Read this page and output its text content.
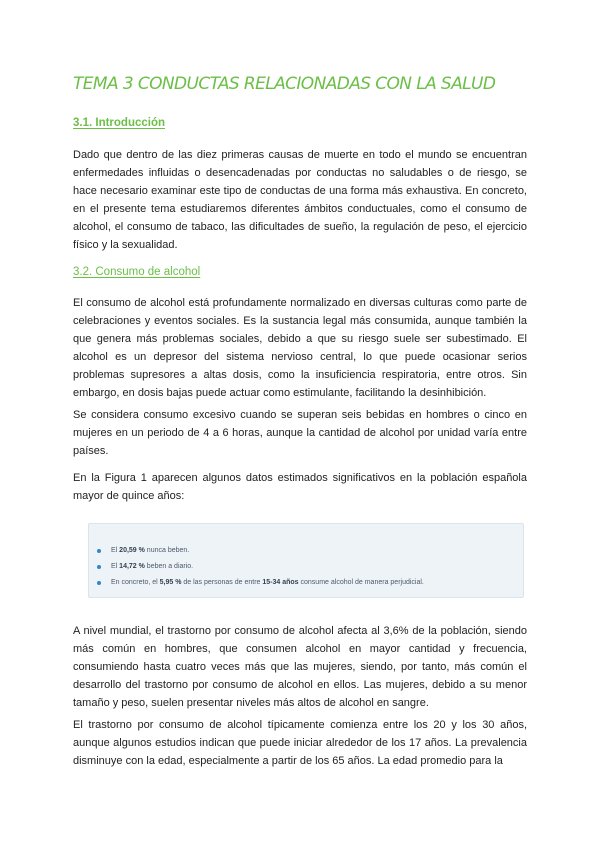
TEMA 3 CONDUCTAS RELACIONADAS CON LA SALUD
3.1. Introducción
Dado que dentro de las diez primeras causas de muerte en todo el mundo se encuentran enfermedades influidas o desencadenadas por conductas no saludables o de riesgo, se hace necesario examinar este tipo de conductas de una forma más exhaustiva. En concreto, en el presente tema estudiaremos diferentes ámbitos conductuales, como el consumo de alcohol, el consumo de tabaco, las dificultades de sueño, la regulación de peso, el ejercicio físico y la sexualidad.
3.2. Consumo de alcohol
El consumo de alcohol está profundamente normalizado en diversas culturas como parte de celebraciones y eventos sociales. Es la sustancia legal más consumida, aunque también la que genera más problemas sociales, debido a que su riesgo suele ser subestimado. El alcohol es un depresor del sistema nervioso central, lo que puede ocasionar serios problemas supresores a altas dosis, como la insuficiencia respiratoria, entre otros. Sin embargo, en dosis bajas puede actuar como estimulante, facilitando la desinhibición.
Se considera consumo excesivo cuando se superan seis bebidas en hombres o cinco en mujeres en un periodo de 4 a 6 horas, aunque la cantidad de alcohol por unidad varía entre países.
En la Figura 1 aparecen algunos datos estimados significativos en la población española mayor de quince años:
El 20,59 % nunca beben.
El 14,72 % beben a diario.
En concreto, el 5,95 % de las personas de entre 15-34 años consume alcohol de manera perjudicial.
A nivel mundial, el trastorno por consumo de alcohol afecta al 3,6% de la población, siendo más común en hombres, que consumen alcohol en mayor cantidad y frecuencia, consumiendo hasta cuatro veces más que las mujeres, siendo, por tanto, más común el desarrollo del trastorno por consumo de alcohol en ellos. Las mujeres, debido a su menor tamaño y peso, suelen presentar niveles más altos de alcohol en sangre.
El trastorno por consumo de alcohol típicamente comienza entre los 20 y los 30 años, aunque algunos estudios indican que puede iniciar alrededor de los 17 años. La prevalencia disminuye con la edad, especialmente a partir de los 65 años. La edad promedio para la
